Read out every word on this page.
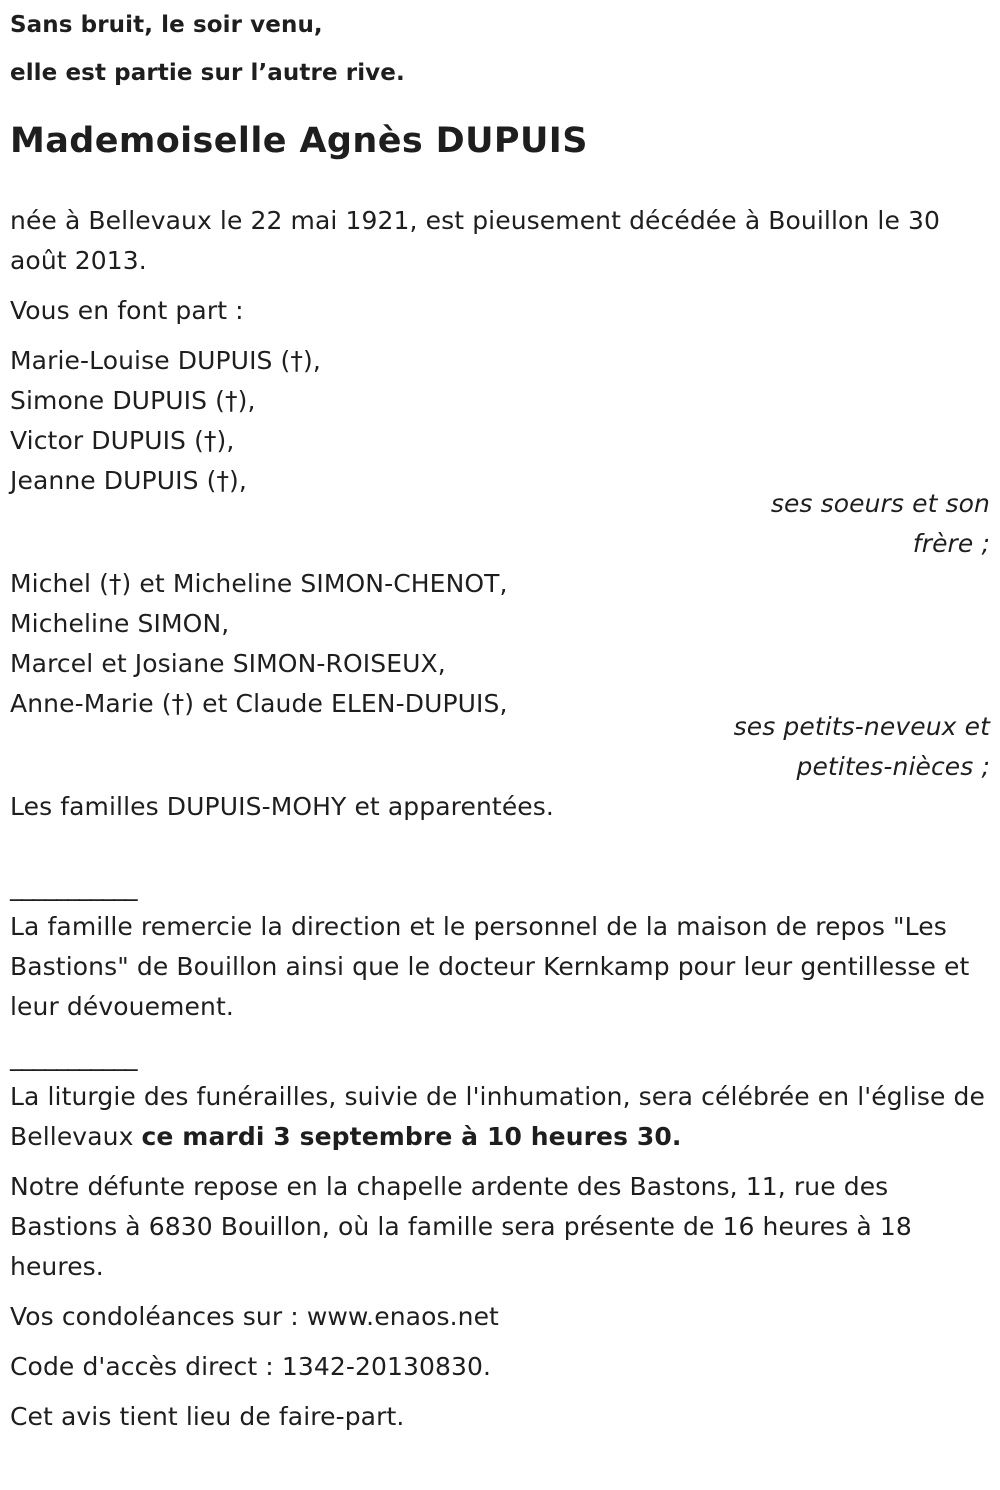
Sans bruit, le soir venu,

elle est partie sur l’autre rive.

Mademoiselle Agnès DUPUIS

née à Bellevaux le 22 mai 1921, est pieusement décédée à Bouillon le 30 août 2013.

Vous en font part :

Marie-Louise DUPUIS (†),
Simone DUPUIS (†),
Victor DUPUIS (†),
Jeanne DUPUIS (†),
ses soeurs et son
frère ;
Michel (†) et Micheline SIMON-CHENOT,
Micheline SIMON,
Marcel et Josiane SIMON-ROISEUX,
Anne-Marie (†) et Claude ELEN-DUPUIS,
ses petits-neveux et
petites-nièces ;

Les familles DUPUIS-MOHY et apparentées.

___________

La famille remercie la direction et le personnel de la maison de repos "Les Bastions" de Bouillon ainsi que le docteur Kernkamp pour leur gentillesse et leur dévouement.

___________

La liturgie des funérailles, suivie de l'inhumation, sera célébrée en l'église de Bellevaux ce mardi 3 septembre à 10 heures 30.

Notre défunte repose en la chapelle ardente des Bastons, 11, rue des Bastions à 6830 Bouillon, où la famille sera présente de 16 heures à 18 heures.

Vos condoléances sur : www.enaos.net

Code d'accès direct : 1342-20130830.

Cet avis tient lieu de faire-part.
